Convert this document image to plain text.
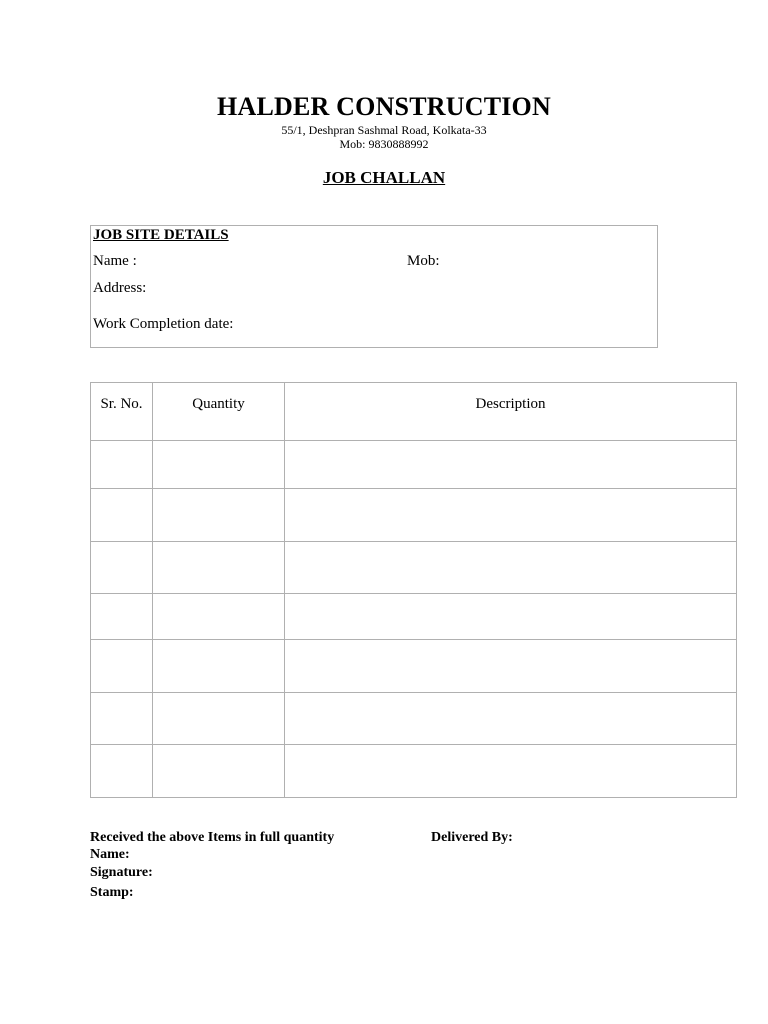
HALDER CONSTRUCTION
55/1, Deshpran Sashmal Road, Kolkata-33
Mob: 9830888992
JOB CHALLAN
JOB SITE DETAILS
Name :	Mob:
Address:
Work Completion date:
Sr. No.	Quantity	Description

Received the above Items in full quantity	Delivered By:
Name:
Signature:
Stamp:
